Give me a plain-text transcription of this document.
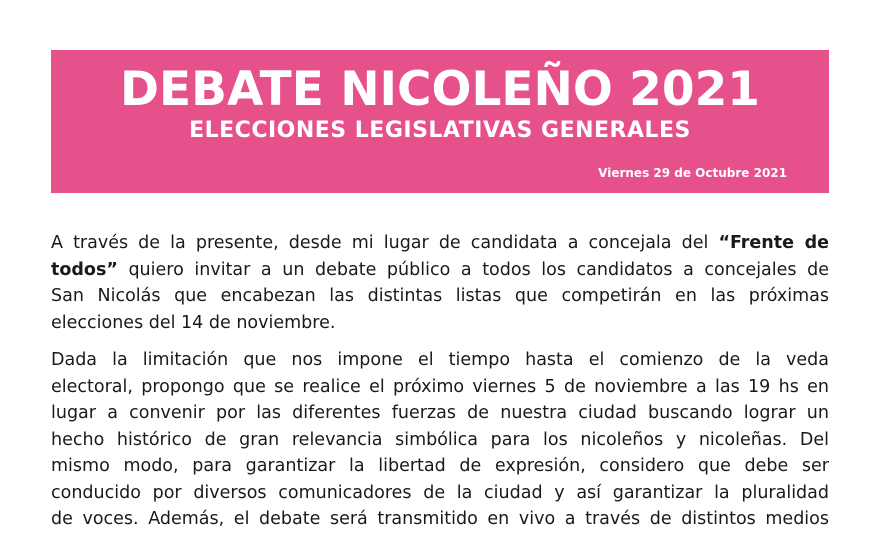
DEBATE NICOLEÑO 2021
ELECCIONES LEGISLATIVAS GENERALES
Viernes 29 de Octubre 2021
A través de la presente, desde mi lugar de candidata a concejala del “Frente de
todos” quiero invitar a un debate público a todos los candidatos a concejales de
San Nicolás que encabezan las distintas listas que competirán en las próximas
elecciones del 14 de noviembre.
Dada la limitación que nos impone el tiempo hasta el comienzo de la veda
electoral, propongo que se realice el próximo viernes 5 de noviembre a las 19 hs en
lugar a convenir por las diferentes fuerzas de nuestra ciudad buscando lograr un
hecho histórico de gran relevancia simbólica para los nicoleños y nicoleñas. Del
mismo modo, para garantizar la libertad de expresión, considero que debe ser
conducido por diversos comunicadores de la ciudad y así garantizar la pluralidad
de voces. Además, el debate será transmitido en vivo a través de distintos medios
